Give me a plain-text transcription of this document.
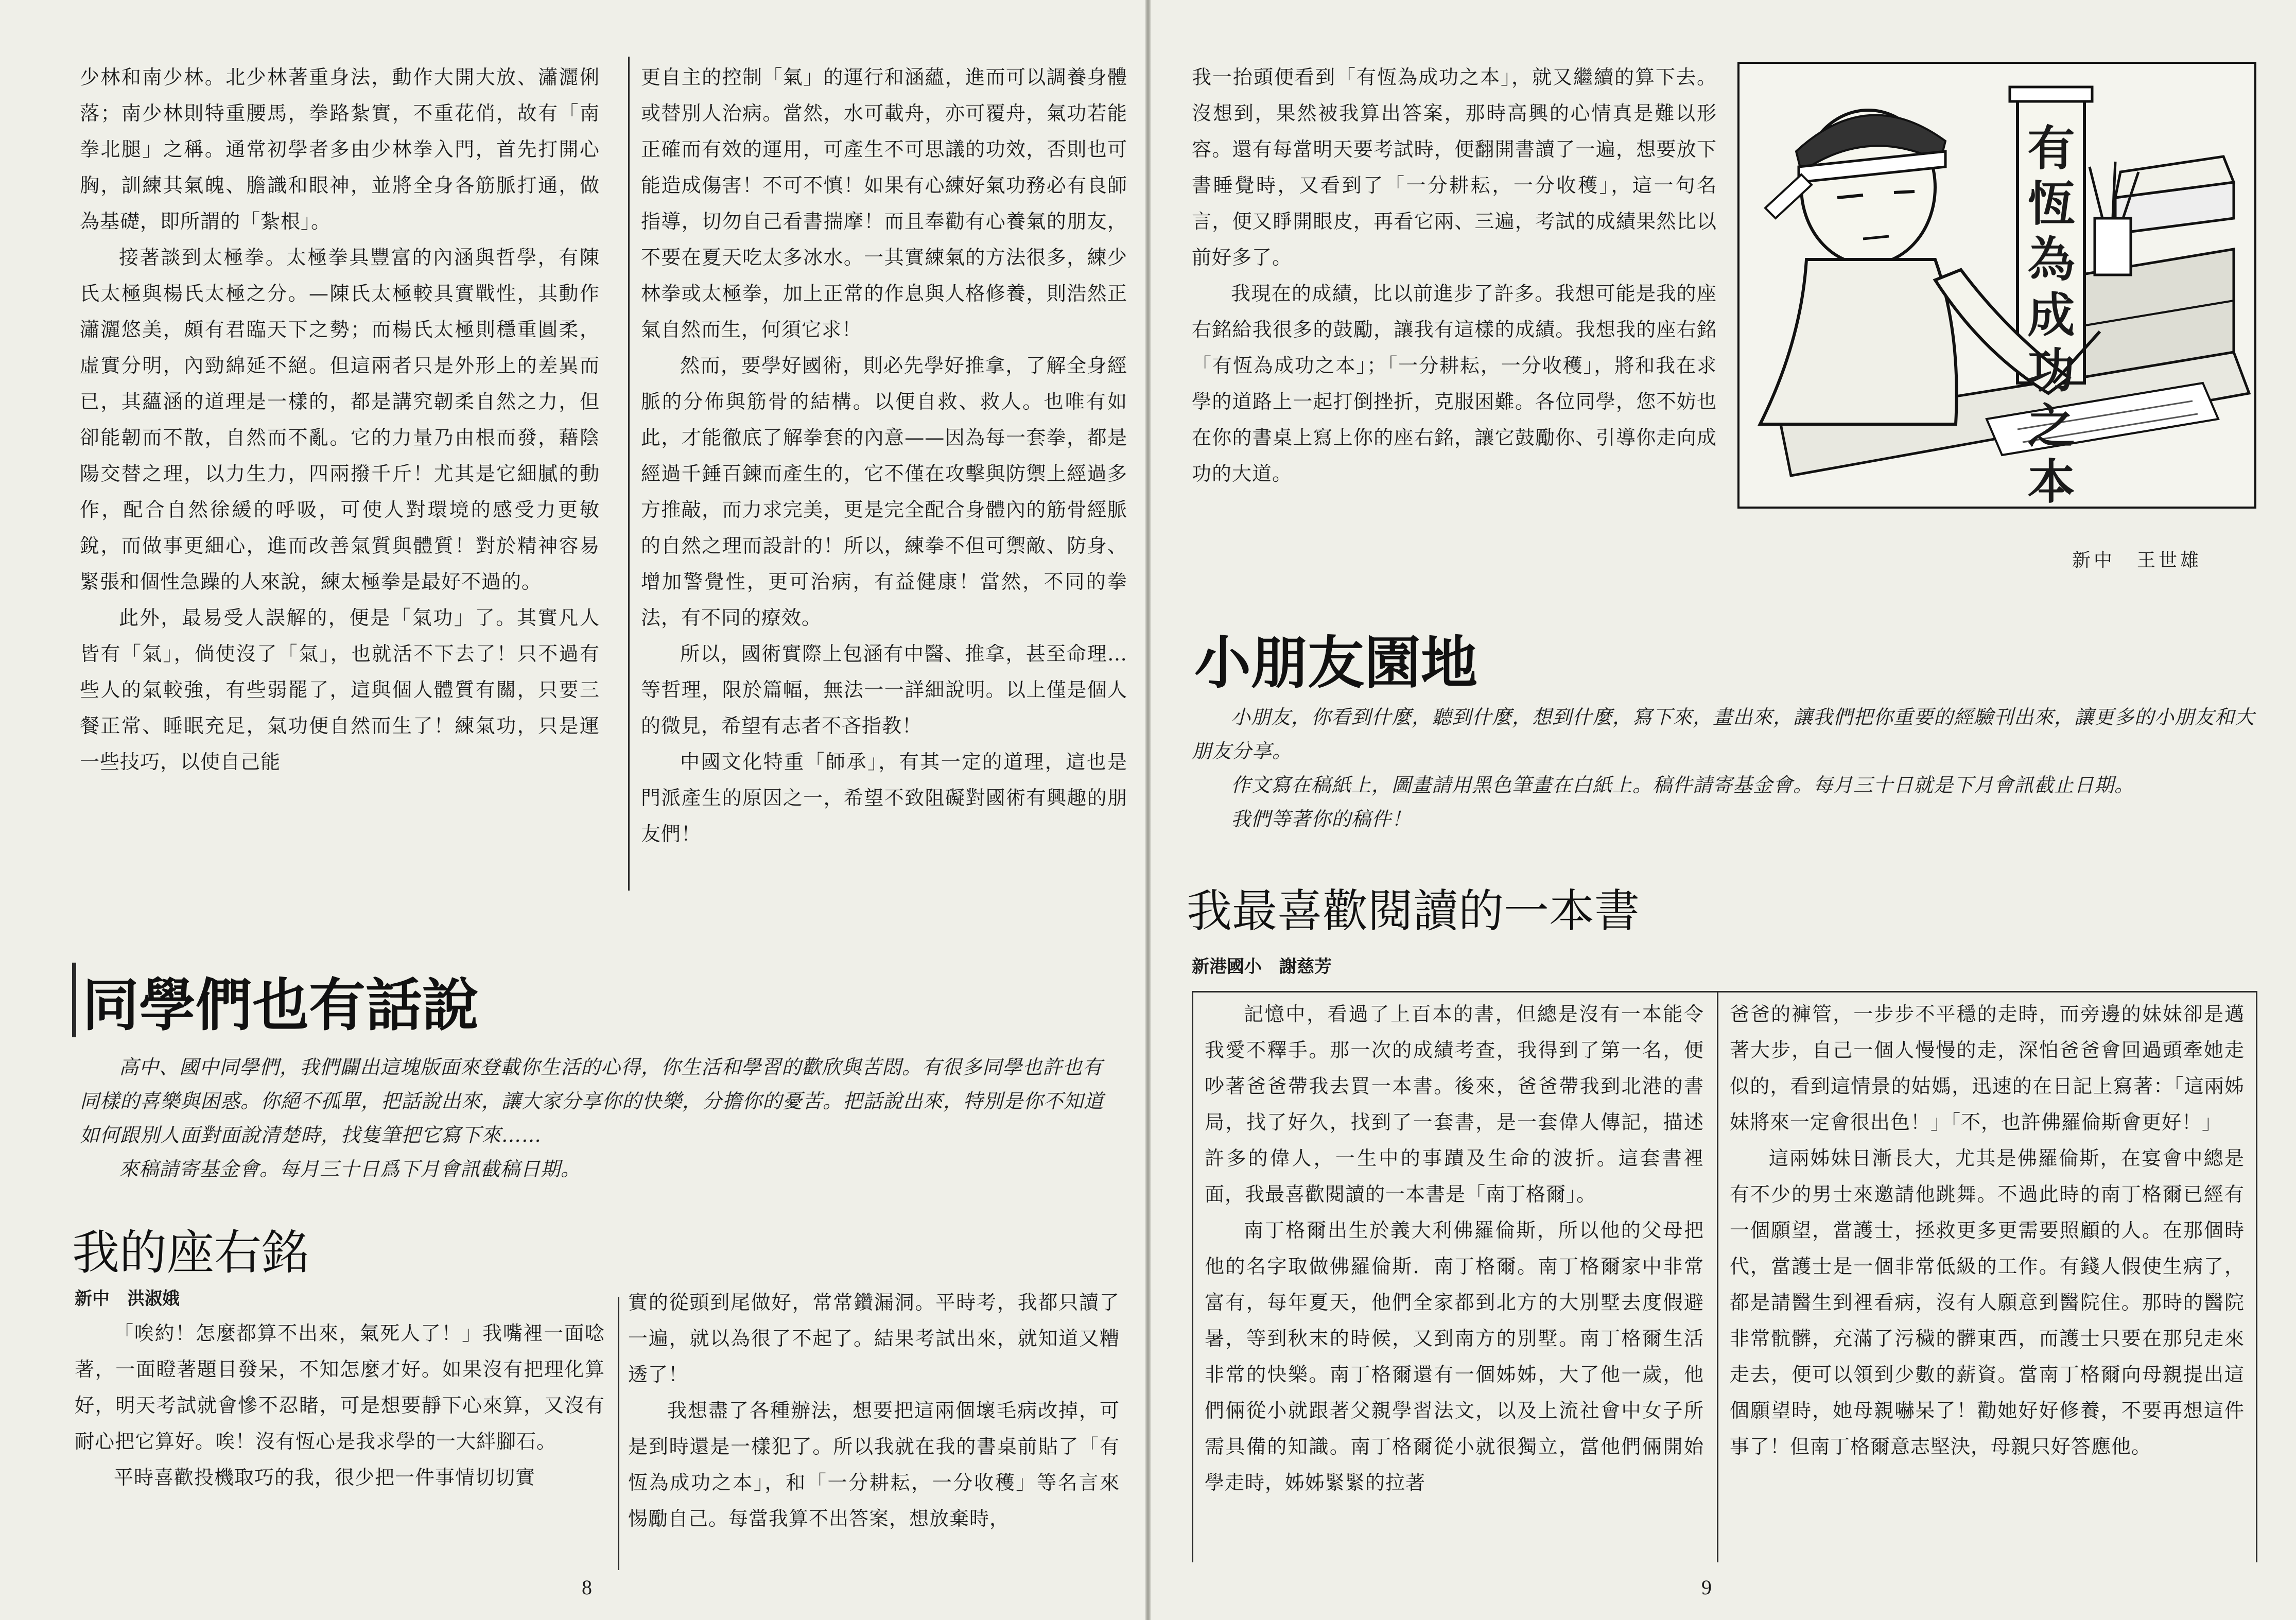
少林和南少林。北少林著重身法，動作大開大放、瀟灑俐落；南少林則特重腰馬，拳路紮實，不重花俏，故有「南拳北腿」之稱。通常初學者多由少林拳入門，首先打開心胸，訓練其氣魄、膽識和眼神，並將全身各筋脈打通，做為基礎，即所謂的「紮根」。

接著談到太極拳。太極拳具豐富的內涵與哲學，有陳氏太極與楊氏太極之分。—陳氏太極較具實戰性，其動作瀟灑悠美，頗有君臨天下之勢；而楊氏太極則穩重圓柔，虛實分明，內勁綿延不絕。但這兩者只是外形上的差異而已，其蘊涵的道理是一樣的，都是講究韌柔自然之力，但卻能韌而不散，自然而不亂。它的力量乃由根而發，藉陰陽交替之理，以力生力，四兩撥千斤！尤其是它細膩的動作，配合自然徐緩的呼吸，可使人對環境的感受力更敏銳，而做事更細心，進而改善氣質與體質！對於精神容易緊張和個性急躁的人來說，練太極拳是最好不過的。

此外，最易受人誤解的，便是「氣功」了。其實凡人皆有「氣」，倘使沒了「氣」，也就活不下去了！只不過有些人的氣較強，有些弱罷了，這與個人體質有關，只要三餐正常、睡眠充足，氣功便自然而生了！練氣功，只是運一些技巧，以使自己能

更自主的控制「氣」的運行和涵蘊，進而可以調養身體或替別人治病。當然，水可載舟，亦可覆舟，氣功若能正確而有效的運用，可產生不可思議的功效，否則也可能造成傷害！不可不慎！如果有心練好氣功務必有良師指導，切勿自己看書揣摩！而且奉勸有心養氣的朋友，不要在夏天吃太多冰水。一其實練氣的方法很多，練少林拳或太極拳，加上正常的作息與人格修養，則浩然正氣自然而生，何須它求！

然而，要學好國術，則必先學好推拿，了解全身經脈的分佈與筋骨的結構。以便自救、救人。也唯有如此，才能徹底了解拳套的內意——因為每一套拳，都是經過千錘百鍊而產生的，它不僅在攻擊與防禦上經過多方推敲，而力求完美，更是完全配合身體內的筋骨經脈的自然之理而設計的！所以，練拳不但可禦敵、防身、增加警覺性，更可治病，有益健康！當然，不同的拳法，有不同的療效。

所以，國術實際上包涵有中醫、推拿，甚至命理…等哲理，限於篇幅，無法一一詳細說明。以上僅是個人的微見，希望有志者不吝指教！

中國文化特重「師承」，有其一定的道理，這也是門派產生的原因之一，希望不致阻礙對國術有興趣的朋友們！

同學們也有話說

高中、國中同學們，我們闢出這塊版面來登載你生活的心得，你生活和學習的歡欣與苦悶。有很多同學也許也有同樣的喜樂與困惑。你絕不孤單，把話說出來，讓大家分享你的快樂，分擔你的憂苦。把話說出來，特別是你不知道如何跟別人面對面說清楚時，找隻筆把它寫下來……

來稿請寄基金會。每月三十日爲下月會訊截稿日期。

我的座右銘
新中　洪淑娥

「唉約！怎麼都算不出來，氣死人了！」我嘴裡一面唸著，一面瞪著題目發呆，不知怎麼才好。如果沒有把理化算好，明天考試就會慘不忍睹，可是想要靜下心來算，又沒有耐心把它算好。唉！沒有恆心是我求學的一大絆腳石。

平時喜歡投機取巧的我，很少把一件事情切切實

實的從頭到尾做好，常常鑽漏洞。平時考，我都只讀了一遍，就以為很了不起了。結果考試出來，就知道又糟透了！

我想盡了各種辦法，想要把這兩個壞毛病改掉，可是到時還是一樣犯了。所以我就在我的書桌前貼了「有恆為成功之本」，和「一分耕耘，一分收穫」等名言來惕勵自己。每當我算不出答案，想放棄時，

8

我一抬頭便看到「有恆為成功之本」，就又繼續的算下去。沒想到，果然被我算出答案，那時高興的心情真是難以形容。還有每當明天要考試時，便翻開書讀了一遍，想要放下書睡覺時，又看到了「一分耕耘，一分收穫」，這一句名言，便又睜開眼皮，再看它兩、三遍，考試的成績果然比以前好多了。

我現在的成績，比以前進步了許多。我想可能是我的座右銘給我很多的鼓勵，讓我有這樣的成績。我想我的座右銘「有恆為成功之本」；「一分耕耘，一分收穫」，將和我在求學的道路上一起打倒挫折，克服困難。各位同學，您不妨也在你的書桌上寫上你的座右銘，讓它鼓勵你、引導你走向成功的大道。

有恆為成功之本
新中　王世雄
小朋友園地

小朋友，你看到什麼，聽到什麼，想到什麼，寫下來，畫出來，讓我們把你重要的經驗刊出來，讓更多的小朋友和大朋友分享。

作文寫在稿紙上，圖畫請用黑色筆畫在白紙上。稿件請寄基金會。每月三十日就是下月會訊截止日期。

我們等著你的稿件！

我最喜歡閱讀的一本書
新港國小　謝慈芳

記憶中，看過了上百本的書，但總是沒有一本能令我愛不釋手。那一次的成績考查，我得到了第一名，便吵著爸爸帶我去買一本書。後來，爸爸帶我到北港的書局，找了好久，找到了一套書，是一套偉人傳記，描述許多的偉人，一生中的事蹟及生命的波折。這套書裡面，我最喜歡閱讀的一本書是「南丁格爾」。

南丁格爾出生於義大利佛羅倫斯，所以他的父母把他的名字取做佛羅倫斯．南丁格爾。南丁格爾家中非常富有，每年夏天，他們全家都到北方的大別墅去度假避暑，等到秋末的時候，又到南方的別墅。南丁格爾生活非常的快樂。南丁格爾還有一個姊姊，大了他一歲，他們倆從小就跟著父親學習法文，以及上流社會中女子所需具備的知識。南丁格爾從小就很獨立，當他們倆開始學走時，姊姊緊緊的拉著

爸爸的褲管，一步步不平穩的走時，而旁邊的妹妹卻是邁著大步，自己一個人慢慢的走，深怕爸爸會回過頭牽她走似的，看到這情景的姑媽，迅速的在日記上寫著：「這兩姊妹將來一定會很出色！」「不，也許佛羅倫斯會更好！」

這兩姊妹日漸長大，尤其是佛羅倫斯，在宴會中總是有不少的男士來邀請他跳舞。不過此時的南丁格爾已經有一個願望，當護士，拯救更多更需要照顧的人。在那個時代，當護士是一個非常低級的工作。有錢人假使生病了，都是請醫生到裡看病，沒有人願意到醫院住。那時的醫院非常骯髒，充滿了污穢的髒東西，而護士只要在那兒走來走去，便可以領到少數的薪資。當南丁格爾向母親提出這個願望時，她母親嚇呆了！勸她好好修養，不要再想這件事了！但南丁格爾意志堅決，母親只好答應他。

9
